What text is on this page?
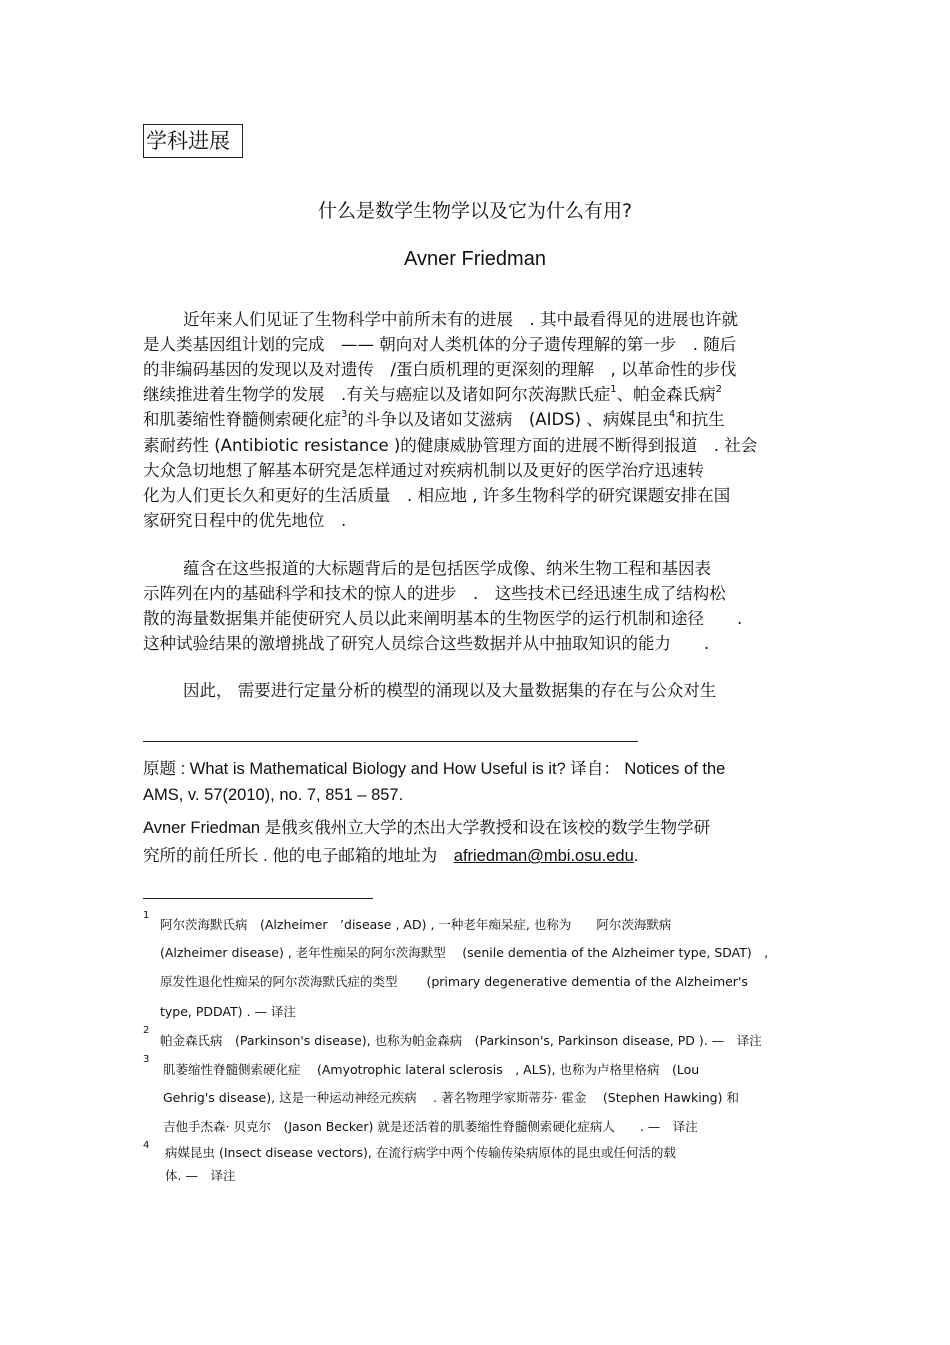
学科进展
什么是数学生物学以及它为什么有用?
Avner Friedman
近年来人们见证了生物科学中前所未有的进展　. 其中最看得见的进展也许就
是人类基因组计划的完成　—— 朝向对人类机体的分子遗传理解的第一步　. 随后
的非编码基因的发现以及对遗传　/蛋白质机理的更深刻的理解　, 以革命性的步伐
继续推进着生物学的发展　.有关与癌症以及诸如阿尔茨海默氏症$^1$、帕金森氏病$^2$
和肌萎缩性脊髓侧索硬化症$^3$的斗争以及诸如艾滋病　(AIDS) 、病媒昆虫$^4$和抗生
素耐药性 (Antibiotic resistance )的健康威胁管理方面的进展不断得到报道　. 社会
大众急切地想了解基本研究是怎样通过对疾病机制以及更好的医学治疗迅速转
化为人们更长久和更好的生活质量　. 相应地 , 许多生物科学的研究课题安排在国
家研究日程中的优先地位　.
蕴含在这些报道的大标题背后的是包括医学成像、纳米生物工程和基因表
示阵列在内的基础科学和技术的惊人的进步　.　这些技术已经迅速生成了结构松
散的海量数据集并能使研究人员以此来阐明基本的生物医学的运行机制和途径　　.
这种试验结果的激增挑战了研究人员综合这些数据并从中抽取知识的能力　　.
因此， 需要进行定量分析的模型的涌现以及大量数据集的存在与公众对生
原题 : What is Mathematical Biology and How Useful is it? 译自： Notices of the
AMS, v. 57(2010), no. 7, 851 – 857.
Avner Friedman 是俄亥俄州立大学的杰出大学教授和设在该校的数学生物学研
究所的前任所长 . 他的电子邮箱的地址为　afriedman@mbi.osu.edu.
1
阿尔茨海默氏病　(Alzheimer　’disease , AD) , 一种老年痴呆症, 也称为　　阿尔茨海默病
(Alzheimer disease) , 老年性痴呆的阿尔茨海默型　 (senile dementia of the Alzheimer type, SDAT)　,
原发性退化性痴呆的阿尔茨海默氏症的类型　　 (primary degenerative dementia of the Alzheimer's
type, PDDAT) . — 译注
2
帕金森氏病　(Parkinson's disease), 也称为帕金森病　(Parkinson's, Parkinson disease, PD ). —　译注
3
肌萎缩性脊髓侧索硬化症　 (Amyotrophic lateral sclerosis　, ALS), 也称为卢格里格病　(Lou
Gehrig's disease), 这是一种运动神经元疾病　 . 著名物理学家斯蒂芬· 霍金　 (Stephen Hawking) 和
吉他手杰森· 贝克尔　(Jason Becker) 就是还活着的肌萎缩性脊髓侧索硬化症病人　　. —　译注
4 病媒昆虫 (Insect disease vectors), 在流行病学中两个传输传染病原体的昆虫或任何活的载
体. —　译注
